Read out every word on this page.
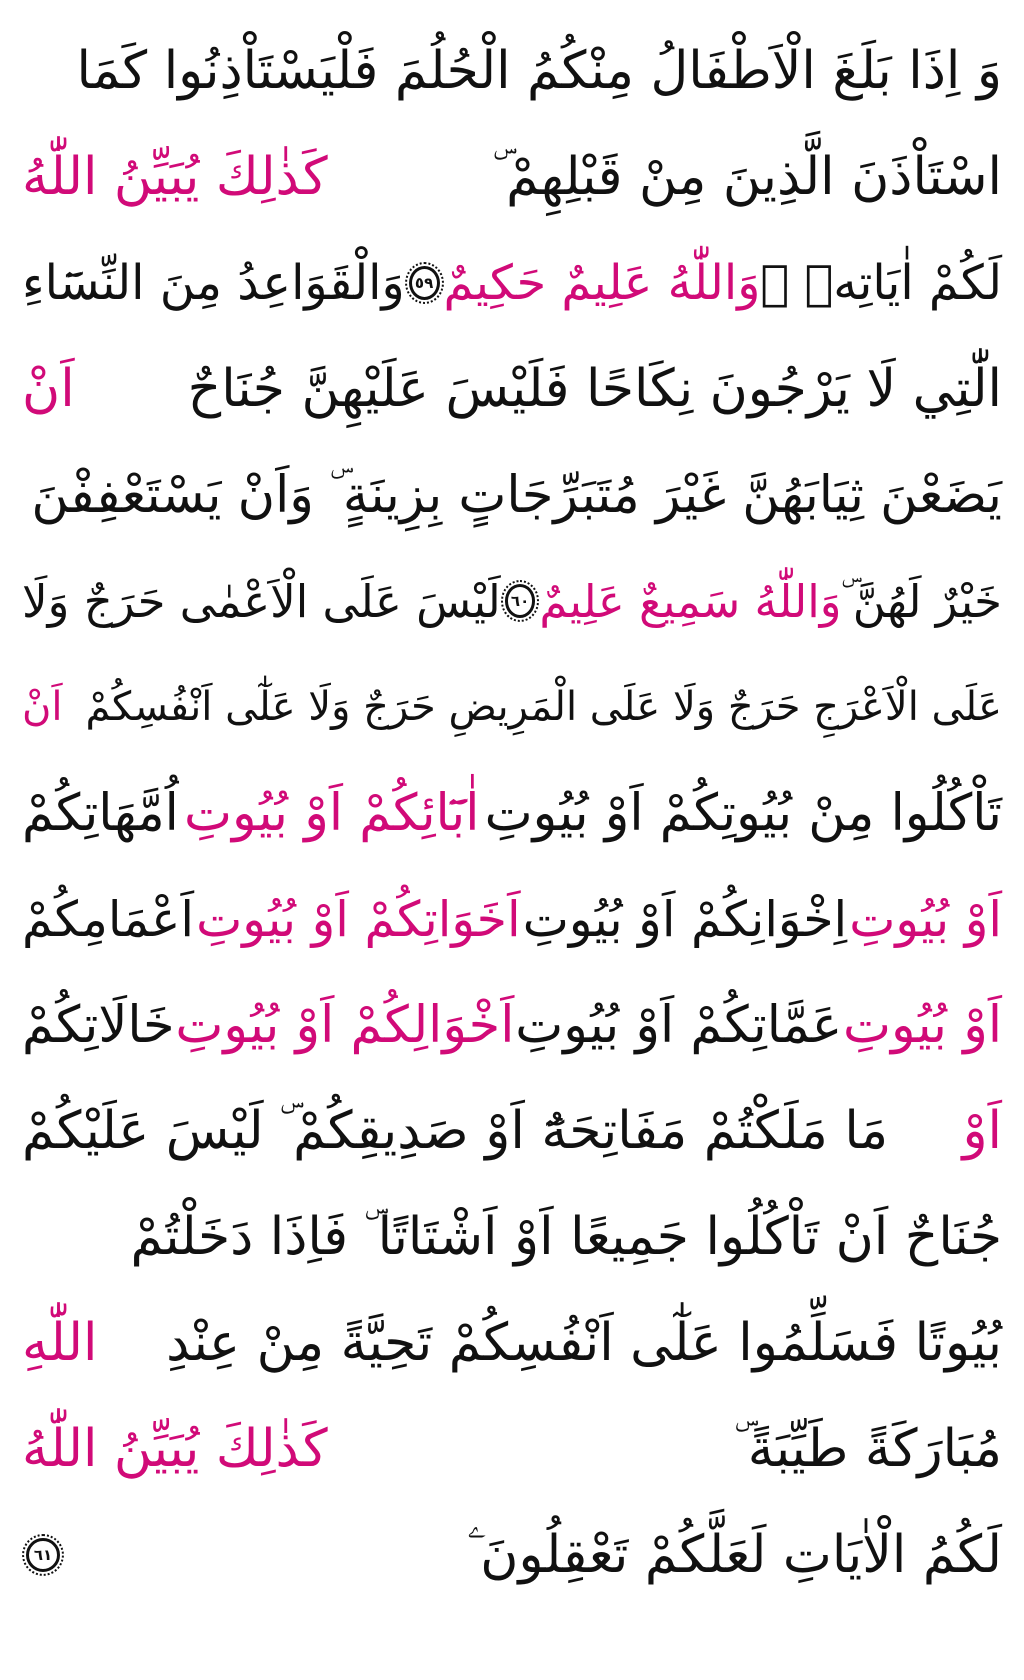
وَ اِذَا بَلَغَ الْاَطْفَالُ مِنْكُمُ الْحُلُمَ فَلْيَسْتَاْذِنُوا كَمَا
اسْتَاْذَنَ الَّذِينَ مِنْ قَبْلِهِمْ ۜ
كَذٰلِكَ يُبَيِّنُ اللّٰهُ
لَكُمْ اٰيَاتِهٖ ۜ
وَاللّٰهُ عَلِيمٌ حَكِيمٌ
٥٩
وَالْقَوَاعِدُ مِنَ النِّسَٓاءِ
الّٰتِي لَا يَرْجُونَ نِكَاحًا فَلَيْسَ عَلَيْهِنَّ جُنَاحٌ
اَنْ
يَضَعْنَ ثِيَابَهُنَّ غَيْرَ مُتَبَرِّجَاتٍ بِزِينَةٍ ۜ وَاَنْ يَسْتَعْفِفْنَ
خَيْرٌ لَهُنَّ ۜ
وَاللّٰهُ سَمِيعٌ عَلِيمٌ
٦٠
لَيْسَ عَلَى الْاَعْمٰى حَرَجٌ وَلَا
عَلَى الْاَعْرَجِ حَرَجٌ وَلَا عَلَى الْمَرِيضِ حَرَجٌ وَلَا عَلٰٓى اَنْفُسِكُمْ
اَنْ
تَاْكُلُوا مِنْ بُيُوتِكُمْ اَوْ بُيُوتِ
اٰبَٓائِكُمْ اَوْ بُيُوتِ
اُمَّهَاتِكُمْ
اَوْ بُيُوتِ
اِخْوَانِكُمْ اَوْ بُيُوتِ
اَخَوَاتِكُمْ اَوْ بُيُوتِ
اَعْمَامِكُمْ
اَوْ بُيُوتِ
عَمَّاتِكُمْ اَوْ بُيُوتِ
اَخْوَالِكُمْ اَوْ بُيُوتِ
خَالَاتِكُمْ
اَوْ
مَا مَلَكْتُمْ مَفَاتِحَهُٓ اَوْ صَدِيقِكُمْ ۜ لَيْسَ عَلَيْكُمْ
جُنَاحٌ اَنْ تَاْكُلُوا جَمِيعًا اَوْ اَشْتَاتًا ۜ فَاِذَا دَخَلْتُمْ
بُيُوتًا فَسَلِّمُوا عَلٰٓى اَنْفُسِكُمْ تَحِيَّةً مِنْ عِنْدِ
اللّٰهِ
مُبَارَكَةً طَيِّبَةً ۜ
كَذٰلِكَ يُبَيِّنُ اللّٰهُ
لَكُمُ الْاٰيَاتِ لَعَلَّكُمْ تَعْقِلُونَ ۧ
٦١
